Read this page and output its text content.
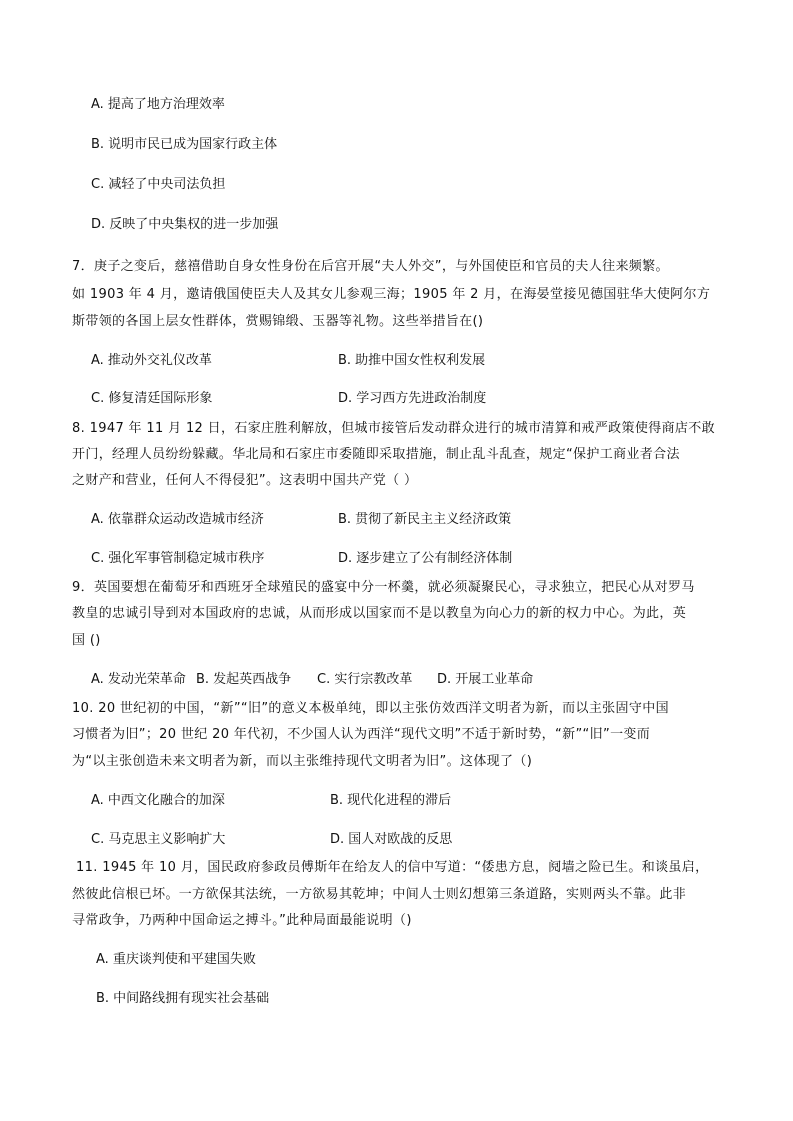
A. 提高了地方治理效率
B. 说明市民已成为国家行政主体
C. 减轻了中央司法负担
D. 反映了中央集权的进一步加强
7．庚子之变后，慈禧借助自身女性身份在后宫开展“夫人外交”，与外国使臣和官员的夫人往来频繁。
如 1903 年 4 月，邀请俄国使臣夫人及其女儿参观三海；1905 年 2 月，在海晏堂接见德国驻华大使阿尔方
斯带领的各国上层女性群体，赏赐锦缎、玉器等礼物。这些举措旨在()
A. 推动外交礼仪改革	B. 助推中国女性权利发展
C. 修复清廷国际形象	D. 学习西方先进政治制度
8. 1947 年 11 月 12 日，石家庄胜利解放，但城市接管后发动群众进行的城市清算和戒严政策使得商店不敢
开门，经理人员纷纷躲藏。华北局和石家庄市委随即采取措施，制止乱斗乱查，规定“保护工商业者合法
之财产和营业，任何人不得侵犯”。这表明中国共产党（ ）
A. 依靠群众运动改造城市经济	B. 贯彻了新民主主义经济政策
C. 强化军事管制稳定城市秩序	D. 逐步建立了公有制经济体制
9．英国要想在葡萄牙和西班牙全球殖民的盛宴中分一杯羹，就必须凝聚民心，寻求独立，把民心从对罗马
教皇的忠诚引导到对本国政府的忠诚，从而形成以国家而不是以教皇为向心力的新的权力中心。为此，英
国 ()
A. 发动光荣革命 B. 发起英西战争 C. 实行宗教改革 D. 开展工业革命
10. 20 世纪初的中国，“新”“旧”的意义本极单纯，即以主张仿效西洋文明者为新，而以主张固守中国
习惯者为旧”；20 世纪 20 年代初，不少国人认为西洋“现代文明”不适于新时势，“新”“旧”一变而
为“以主张创造未来文明者为新，而以主张维持现代文明者为旧”。这体现了（)
A. 中西文化融合的加深	B. 现代化进程的滞后
C. 马克思主义影响扩大	D. 国人对欧战的反思
11. 1945 年 10 月，国民政府参政员傅斯年在给友人的信中写道：“倭患方息，阋墙之险已生。和谈虽启，
然彼此信根已坏。一方欲保其法统，一方欲易其乾坤；中间人士则幻想第三条道路，实则两头不靠。此非
寻常政争，乃两种中国命运之搏斗。”此种局面最能说明（)
A. 重庆谈判使和平建国失败
B. 中间路线拥有现实社会基础
